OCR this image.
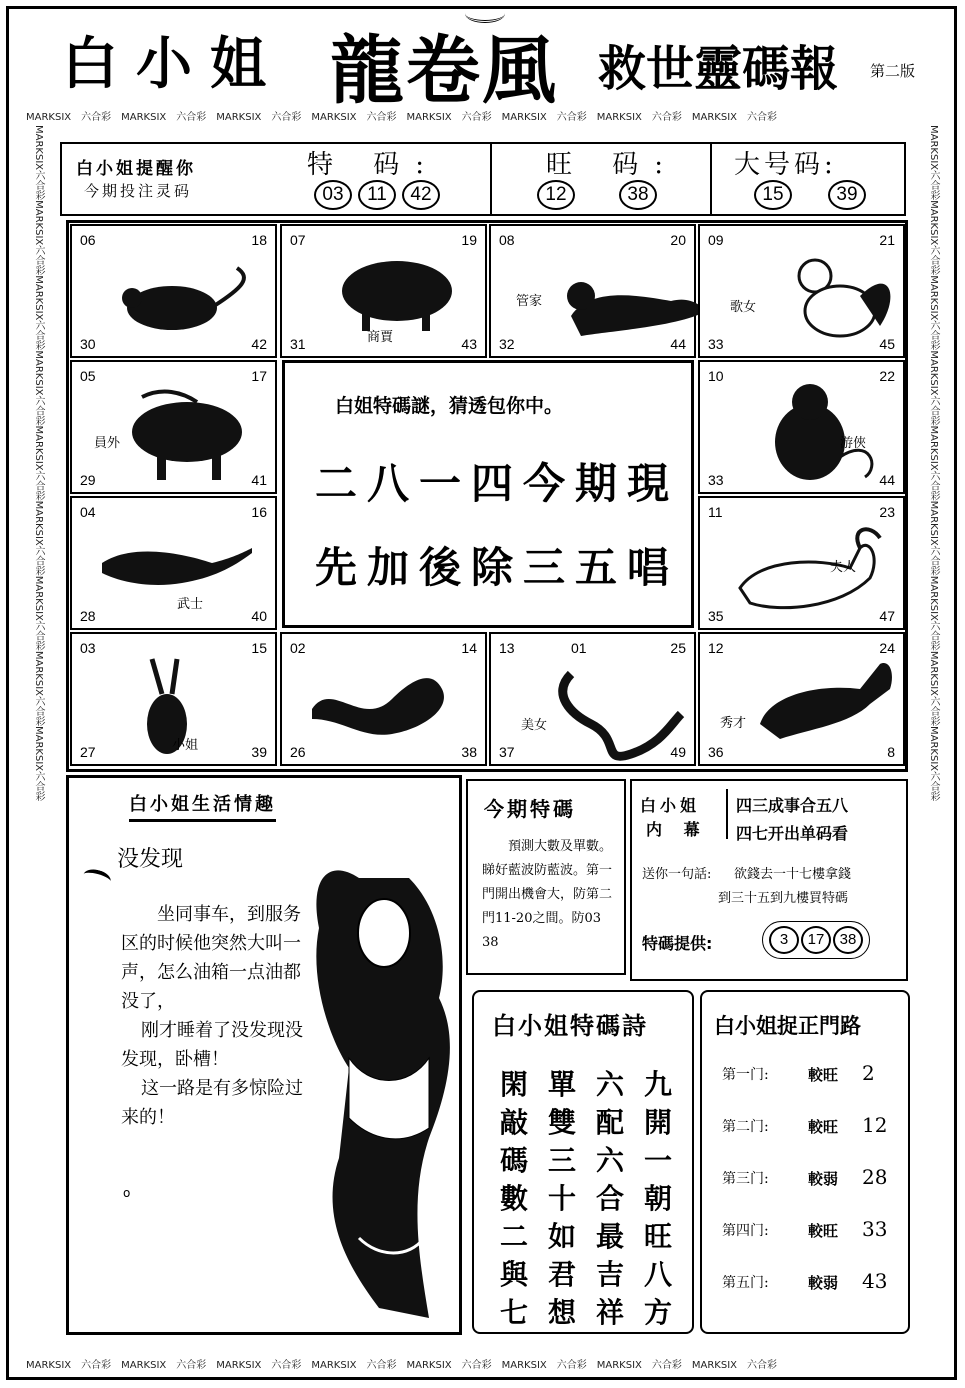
白小姐 龍卷風 救世靈碼報 第二版
MARKSIX 六合彩 MARKSIX 六合彩 MARKSIX 六合彩 MARKSIX 六合彩 MARKSIX 六合彩 MARKSIX 六合彩 MARKSIX 六合彩 MARKSIX 六合彩
MARKSIX 六合彩 MARKSIX 六合彩 MARKSIX 六合彩 MARKSIX 六合彩 MARKSIX 六合彩 MARKSIX 六合彩 MARKSIX 六合彩 MARKSIX 六合彩
MARKSIX六合彩MARKSIX六合彩MARKSIX六合彩MARKSIX六合彩MARKSIX六合彩MARKSIX六合彩MARKSIX六合彩MARKSIX六合彩MARKSIX六合彩
MARKSIX六合彩MARKSIX六合彩MARKSIX六合彩MARKSIX六合彩MARKSIX六合彩MARKSIX六合彩MARKSIX六合彩MARKSIX六合彩MARKSIX六合彩
白小姐提醒你
今期投注灵码
特 码:
03 11 42
旺 码:
12	38
大号码:
15	39
06	18
30	42
07	19
31	43
商賈
08	20
32	44
管家
09	21
33	45
歌女
05	17
29	41
員外
10	22
33	44
游俠
04	16
28	40
武士
11	23
35	47
夫人
03	15
27	39
小姐
02	14
26	38
13	25
37	49
01
美女
12	24
36	8
秀才
白姐特碼謎，猜透包你中。
二八一四今期現
先加後除三五唱
白小姐生活情趣
没发现
坐同事车，到服务区的时候他突然大叫一声，怎么油箱一点油都没了，
刚才睡着了没发现没发现，卧槽！
这一路是有多惊险过来的！
o
今期特碼
預測大數及單數。睇好藍波防藍波。第一門開出機會大，防第二門11-20之間。防03 38
白小姐
内 幕
四三成事合五八
四七开出单码看
送你一句話: 欲錢去一十七樓拿錢
到三十五到九樓買特碼
特碼提供:	3 17 38
白小姐特碼詩
九開一朝旺八方
六配六合最吉祥
單雙三十如君想
閑敲碼數二與七
白小姐捉正門路
第一门:	較旺 2
第二门:	較旺 12
第三门:	較弱 28
第四门:	較旺 33
第五门:	較弱 43
